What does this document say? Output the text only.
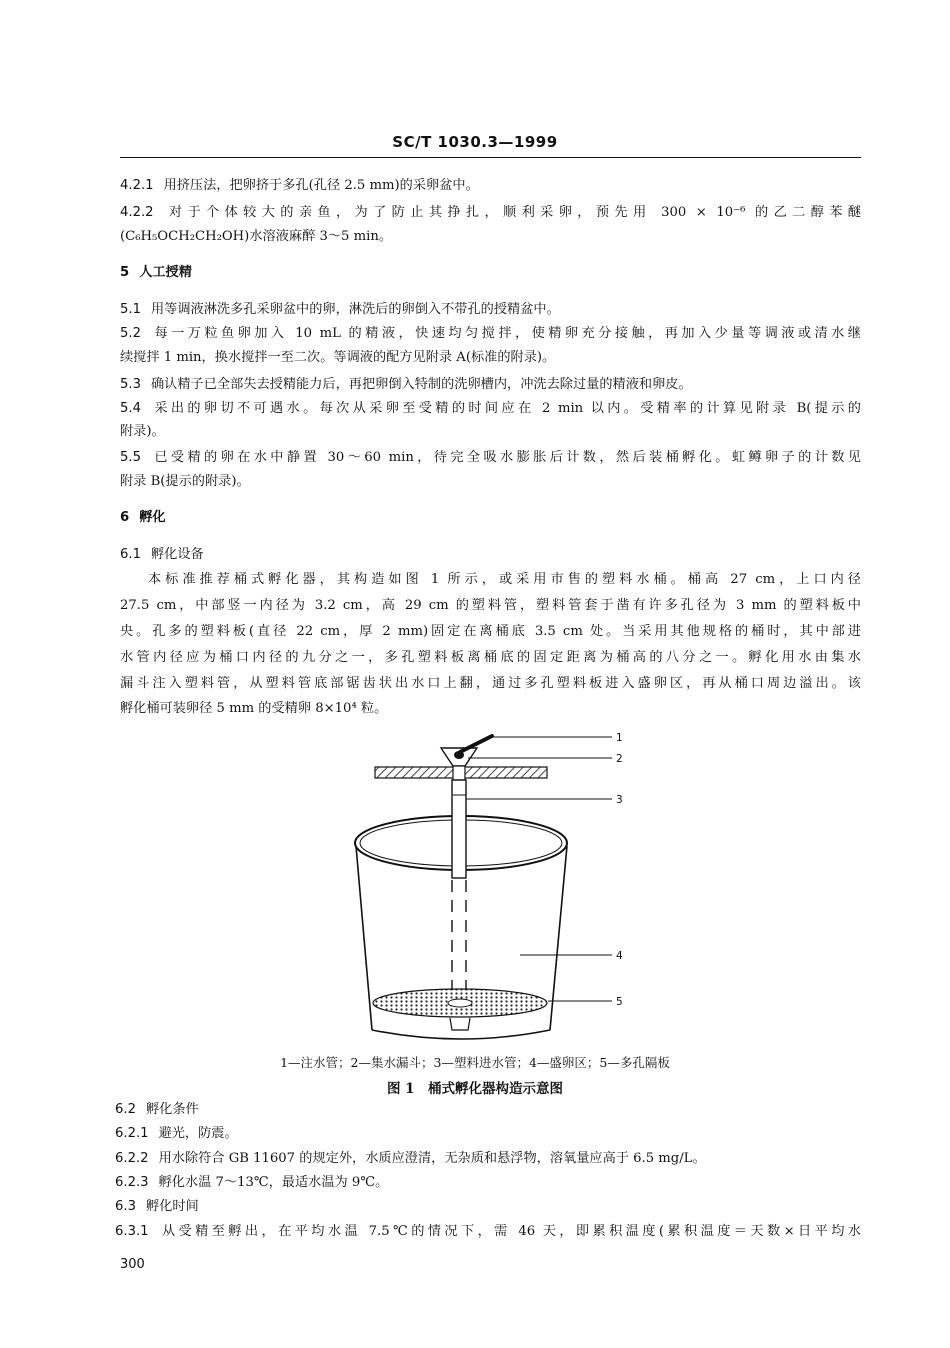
SC/T 1030.3—1999
4.2.1 用挤压法，把卵挤于多孔(孔径 2.5 mm)的采卵盆中。
4.2.2 对于个体较大的亲鱼，为了防止其挣扎，顺利采卵，预先用 300 × 10⁻⁶ 的乙二醇苯醚
(C₆H₅OCH₂CH₂OH)水溶液麻醉 3～5 min。
5 人工授精
5.1 用等调液淋洗多孔采卵盆中的卵，淋洗后的卵倒入不带孔的授精盆中。
5.2 每一万粒鱼卵加入 10 mL 的精液，快速均匀搅拌，使精卵充分接触，再加入少量等调液或清水继
续搅拌 1 min，换水搅拌一至二次。等调液的配方见附录 A(标准的附录)。
5.3 确认精子已全部失去授精能力后，再把卵倒入特制的洗卵槽内，冲洗去除过量的精液和卵皮。
5.4 采出的卵切不可遇水。每次从采卵至受精的时间应在 2 min 以内。受精率的计算见附录 B(提示的
附录)。
5.5 已受精的卵在水中静置 30～60 min，待完全吸水膨胀后计数，然后装桶孵化。虹鳟卵子的计数见
附录 B(提示的附录)。
6 孵化
6.1 孵化设备
本标准推荐桶式孵化器，其构造如图 1 所示，或采用市售的塑料水桶。桶高 27 cm，上口内径
27.5 cm，中部竖一内径为 3.2 cm，高 29 cm 的塑料管，塑料管套于凿有许多孔径为 3 mm 的塑料板中
央。孔多的塑料板(直径 22 cm，厚 2 mm)固定在离桶底 3.5 cm 处。当采用其他规格的桶时，其中部进
水管内径应为桶口内径的九分之一，多孔塑料板离桶底的固定距离为桶高的八分之一。孵化用水由集水
漏斗注入塑料管，从塑料管底部锯齿状出水口上翻，通过多孔塑料板进入盛卵区，再从桶口周边溢出。该
孵化桶可装卵径 5 mm 的受精卵 8×10⁴ 粒。
1
2
3
4
5
1—注水管；2—集水漏斗；3—塑料进水管；4—盛卵区；5—多孔隔板
图 1　桶式孵化器构造示意图
6.2 孵化条件
6.2.1 避光，防震。
6.2.2 用水除符合 GB 11607 的规定外，水质应澄清，无杂质和悬浮物，溶氧量应高于 6.5 mg/L。
6.2.3 孵化水温 7～13℃，最适水温为 9℃。
6.3 孵化时间
6.3.1 从受精至孵出，在平均水温 7.5℃的情况下，需 46 天，即累积温度(累积温度＝天数×日平均水
300
